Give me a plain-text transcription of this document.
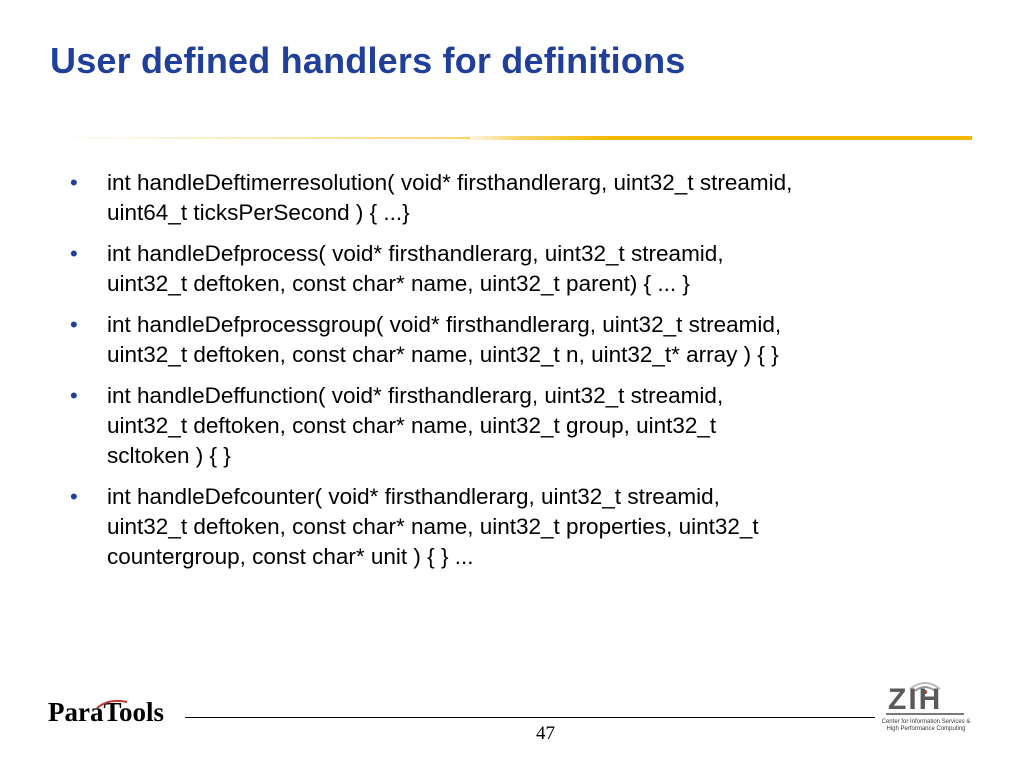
User defined handlers for definitions
• int handleDeftimerresolution( void* firsthandlerarg, uint32_t streamid,
uint64_t ticksPerSecond ) { ...}
• int handleDefprocess( void* firsthandlerarg, uint32_t streamid,
uint32_t deftoken, const char* name, uint32_t parent) { ... }
• int handleDefprocessgroup( void* firsthandlerarg, uint32_t streamid,
uint32_t deftoken, const char* name, uint32_t n, uint32_t* array ) { }
• int handleDeffunction( void* firsthandlerarg, uint32_t streamid,
uint32_t deftoken, const char* name, uint32_t group, uint32_t
scltoken ) { }
• int handleDefcounter( void* firsthandlerarg, uint32_t streamid,
uint32_t deftoken, const char* name, uint32_t properties, uint32_t
countergroup, const char* unit ) { } ...
ParaTools
47
ZIH
Center for Information Services &
High Performance Computing
